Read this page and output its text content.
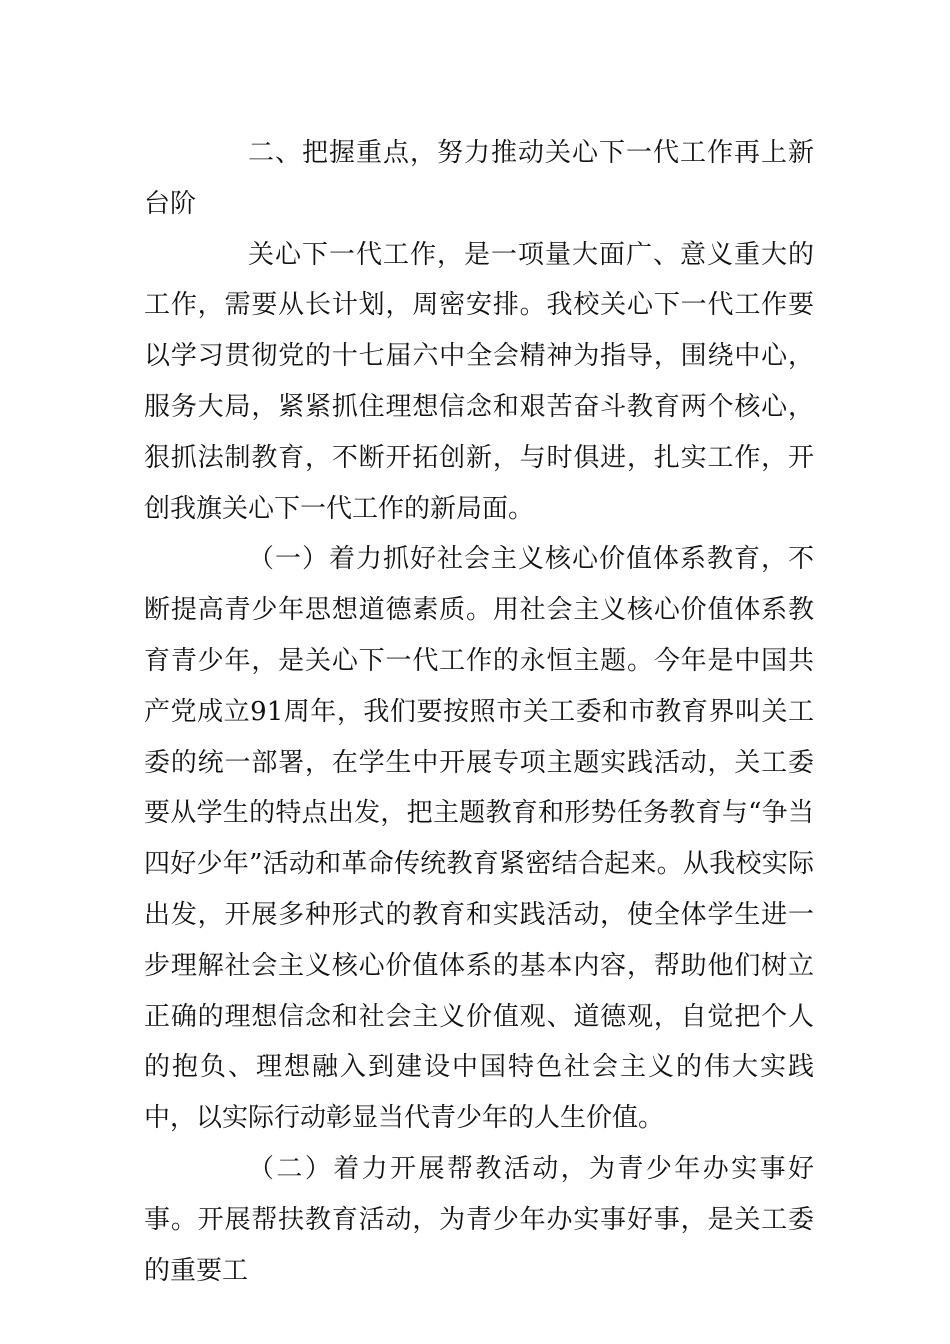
二、把握重点，努力推动关心下一代工作再上新台阶

关心下一代工作，是一项量大面广、意义重大的工作，需要从长计划，周密安排。我校关心下一代工作要以学习贯彻党的十七届六中全会精神为指导，围绕中心，服务大局，紧紧抓住理想信念和艰苦奋斗教育两个核心，狠抓法制教育，不断开拓创新，与时俱进，扎实工作，开创我旗关心下一代工作的新局面。

（一）着力抓好社会主义核心价值体系教育，不断提高青少年思想道德素质。用社会主义核心价值体系教育青少年，是关心下一代工作的永恒主题。今年是中国共产党成立91周年，我们要按照市关工委和市教育界叫关工委的统一部署，在学生中开展专项主题实践活动，关工委要从学生的特点出发，把主题教育和形势任务教育与“争当四好少年”活动和革命传统教育紧密结合起来。从我校实际出发，开展多种形式的教育和实践活动，使全体学生进一步理解社会主义核心价值体系的基本内容，帮助他们树立正确的理想信念和社会主义价值观、道德观，自觉把个人的抱负、理想融入到建设中国特色社会主义的伟大实践中，以实际行动彰显当代青少年的人生价值。

（二）着力开展帮教活动，为青少年办实事好事。开展帮扶教育活动，为青少年办实事好事，是关工委的重要工
